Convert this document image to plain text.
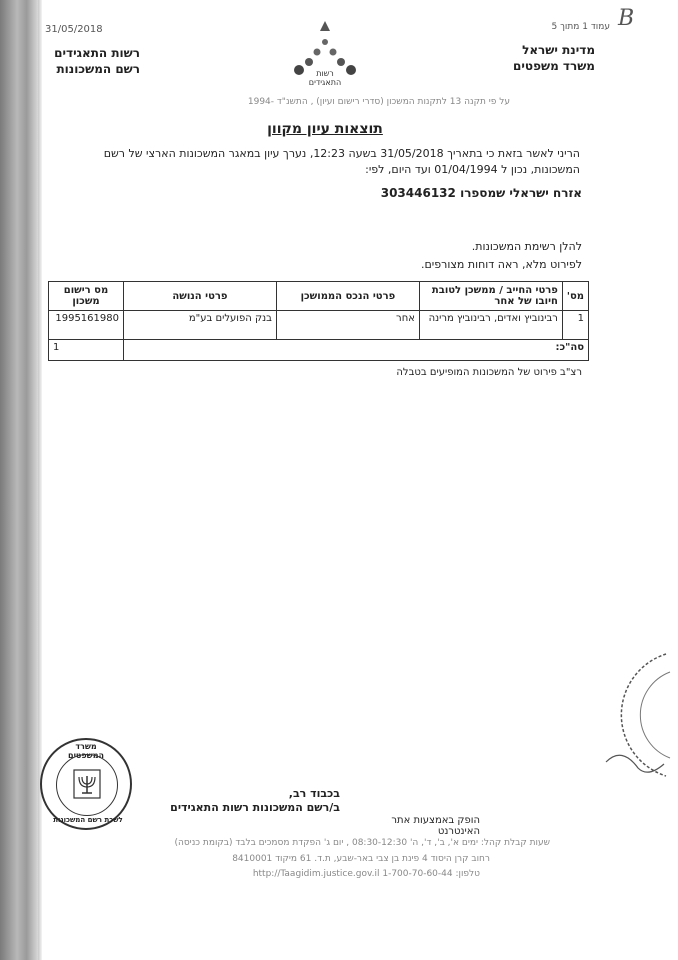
B
עמוד 1 מתוך 5
31/05/2018
רשות התאגידים
רשם המשכונות
מדינת ישראל
משרד משפטים
רשות
התאגידים
על פי תקנה 13 לתקנות המשכון (סדרי רישום ועיון) , התשנ"ד -1994
תוצאות עיון מקוון
הריני לאשר בזאת כי בתאריך 31/05/2018 בשעה 12:23, נערך עיון במאגר המשכונות הארצי של רשם המשכונות, נכון ל 01/04/1994 ועד היום, לפי:
אזרח ישראלי שמספרו 303446132
להלן רשימת המשכונות.
לפירוט מלא, ראה דוחות מצורפים.
מס'	פרטי החייב / ממשכן לטובת חיובו של אחר	פרטי הנכס הממושכן	פרטי הנושה	מס רישום משכון
1	רבינוביץ ואדים, רבינוביץ מרינה	אחר	בנק הפועלים בע"מ	1995161980
סה"כ:				1
רצ"ב פירוט של המשכונות המופיעים בטבלה
משרד המשפטים
לשכת רשם המשכונות
בכבוד רב,
ב/רשם המשכונות רשות התאגידים
הופק באמצעות אתר האינטרנט
שעות קבלת קהל: ימים א', ב', ד', ה' 08:30-12:30 , יום ג' הפקדת מסמכים בלבד (בקומת כניסה)
רחוב קרן היסוד 4 פינת בן צבי באר-שבע, ת.ד. 61 מיקוד 8410001
טלפון: 1-700-70-60-44 http://Taagidim.justice.gov.il
